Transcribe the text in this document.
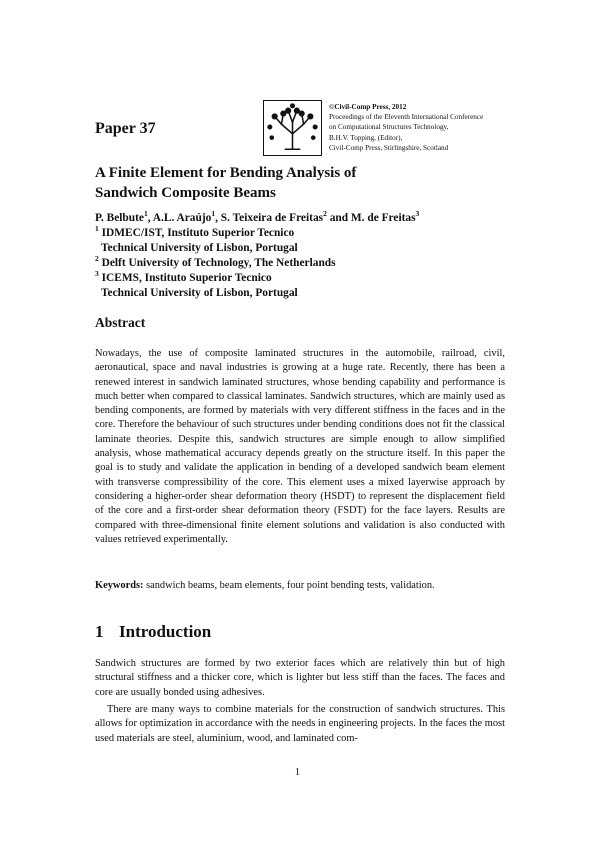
©Civil-Comp Press, 2012
Proceedings of the Eleventh International Conference
on Computational Structures Technology,
B.H.V. Topping, (Editor),
Civil-Comp Press, Stirlingshire, Scotland
Paper 37
A Finite Element for Bending Analysis of
Sandwich Composite Beams
P. Belbute$^1$, A.L. Araújo$^1$, S. Teixeira de Freitas$^2$ and M. de Freitas$^3$
$^1$ IDMEC/IST, Instituto Superior Tecnico
Technical University of Lisbon, Portugal
$^2$ Delft University of Technology, The Netherlands
$^3$ ICEMS, Instituto Superior Tecnico
Technical University of Lisbon, Portugal
Abstract
Nowadays, the use of composite laminated structures in the automobile, railroad, civil, aeronautical, space and naval industries is growing at a huge rate. Recently, there has been a renewed interest in sandwich laminated structures, whose bending capability and performance is much better when compared to classical laminates. Sandwich structures, which are mainly used as bending components, are formed by materials with very different stiffness in the faces and in the core. Therefore the behaviour of such structures under bending conditions does not fit the classical laminate theories. Despite this, sandwich structures are simple enough to allow simplified analysis, whose mathematical accuracy depends greatly on the structure itself. In this paper the goal is to study and validate the application in bending of a developed sandwich beam element with transverse compressibility of the core. This element uses a mixed layerwise approach by considering a higher-order shear deformation theory (HSDT) to represent the displacement field of the core and a first-order shear deformation theory (FSDT) for the face layers. Results are compared with three-dimensional finite element solutions and validation is also conducted with values retrieved experimentally.
Keywords: sandwich beams, beam elements, four point bending tests, validation.
1 Introduction
Sandwich structures are formed by two exterior faces which are relatively thin but of high structural stiffness and a thicker core, which is lighter but less stiff than the faces. The faces and core are usually bonded using adhesives.
There are many ways to combine materials for the construction of sandwich structures. This allows for optimization in accordance with the needs in engineering projects. In the faces the most used materials are steel, aluminium, wood, and laminated com-
1
